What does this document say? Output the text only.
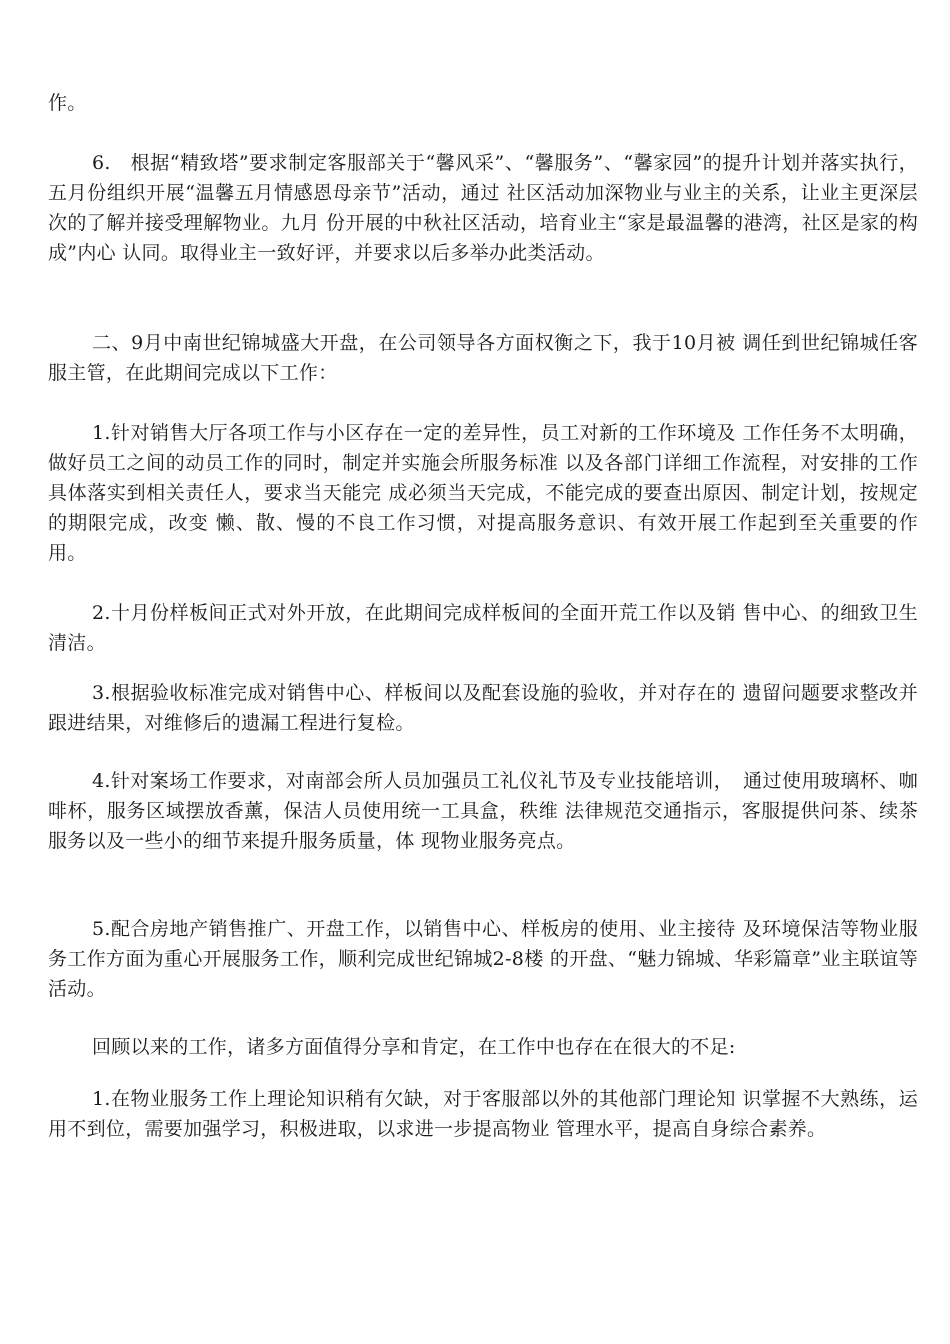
作。

6.　根据“精致塔”要求制定客服部关于“馨风采”、“馨服务”、“馨家园”的提升计划并落实执行，五月份组织开展“温馨五月情感恩母亲节”活动，通过 社区活动加深物业与业主的关系，让业主更深层次的了解并接受理解物业。九月 份开展的中秋社区活动，培育业主“家是最温馨的港湾，社区是家的构成”内心 认同。取得业主一致好评，并要求以后多举办此类活动。

二、9月中南世纪锦城盛大开盘，在公司领导各方面权衡之下，我于10月被 调任到世纪锦城任客服主管，在此期间完成以下工作：

1.针对销售大厅各项工作与小区存在一定的差异性，员工对新的工作环境及 工作任务不太明确，做好员工之间的动员工作的同时，制定并实施会所服务标准 以及各部门详细工作流程，对安排的工作具体落实到相关责任人，要求当天能完 成必须当天完成，不能完成的要查出原因、制定计划，按规定的期限完成，改变 懒、散、慢的不良工作习惯，对提高服务意识、有效开展工作起到至关重要的作 用。

2.十月份样板间正式对外开放，在此期间完成样板间的全面开荒工作以及销 售中心、的细致卫生清洁。

3.根据验收标准完成对销售中心、样板间以及配套设施的验收，并对存在的 遗留问题要求整改并跟进结果，对维修后的遗漏工程进行复检。

4.针对案场工作要求，对南部会所人员加强员工礼仪礼节及专业技能培训，　通过使用玻璃杯、咖啡杯，服务区域摆放香薰，保洁人员使用统一工具盒，秩维 法律规范交通指示，客服提供问茶、续茶服务以及一些小的细节来提升服务质量，体 现物业服务亮点。

5.配合房地产销售推广、开盘工作，以销售中心、样板房的使用、业主接待 及环境保洁等物业服务工作方面为重心开展服务工作，顺利完成世纪锦城2-8楼 的开盘、“魅力锦城、华彩篇章”业主联谊等活动。

回顾以来的工作，诸多方面值得分享和肯定，在工作中也存在在很大的不足:

1.在物业服务工作上理论知识稍有欠缺，对于客服部以外的其他部门理论知 识掌握不大熟练，运用不到位，需要加强学习，积极进取，以求进一步提高物业 管理水平，提高自身综合素养。
